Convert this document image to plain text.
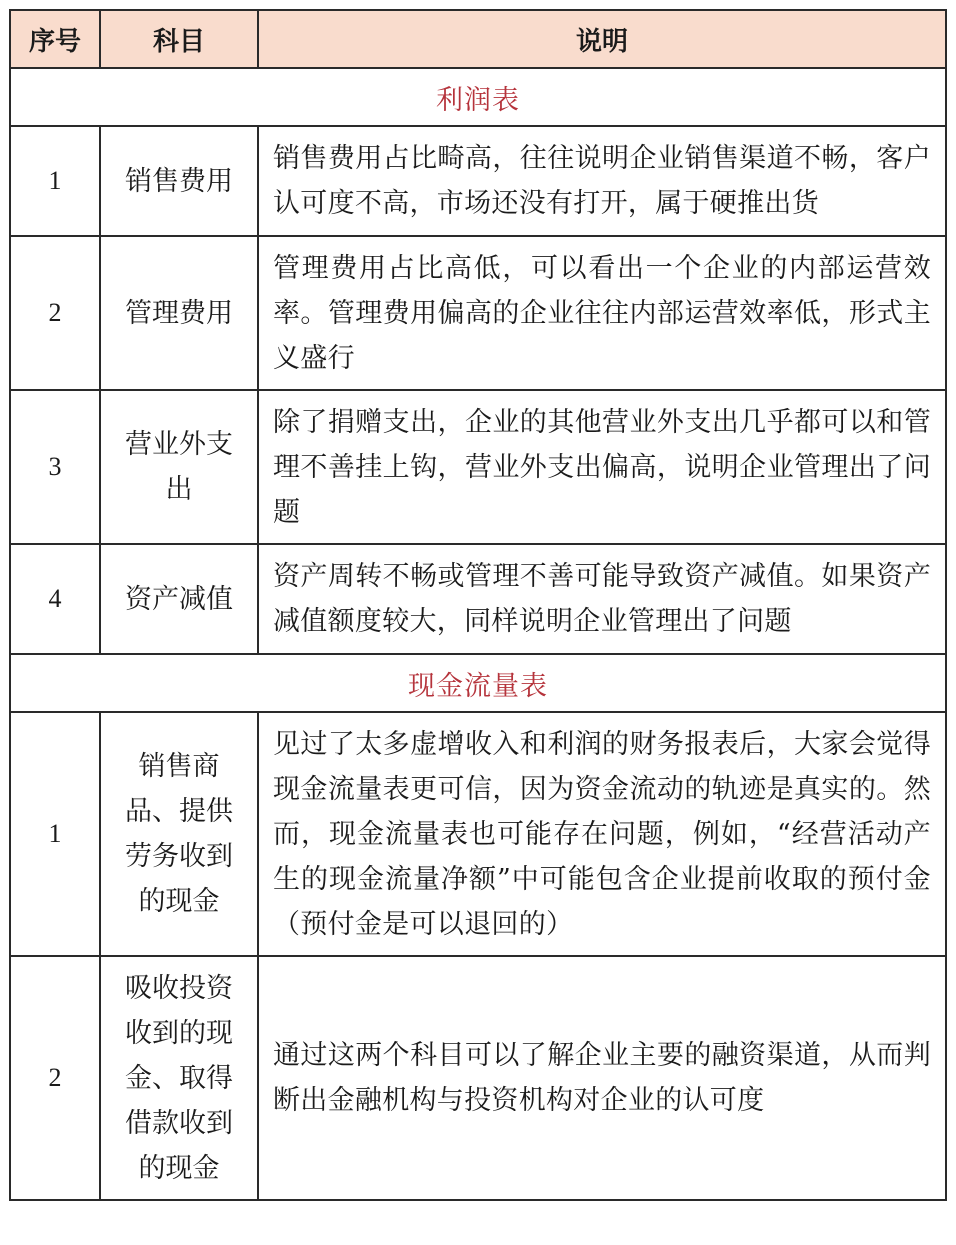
序号	科目	说明
利润表		
1	销售费用	销售费用占比畸高，往往说明企业销售渠道不畅，客户认可度不高，市场还没有打开，属于硬推出货
2	管理费用	管理费用占比高低，可以看出一个企业的内部运营效率。管理费用偏高的企业往往内部运营效率低，形式主义盛行
3	营业外支出	除了捐赠支出，企业的其他营业外支出几乎都可以和管理不善挂上钩，营业外支出偏高，说明企业管理出了问题
4	资产减值	资产周转不畅或管理不善可能导致资产减值。如果资产减值额度较大，同样说明企业管理出了问题
现金流量表		
1	销售商品、提供劳务收到的现金	见过了太多虚增收入和利润的财务报表后，大家会觉得现金流量表更可信，因为资金流动的轨迹是真实的。然而，现金流量表也可能存在问题，例如，“经营活动产生的现金流量净额”中可能包含企业提前收取的预付金（预付金是可以退回的）
2	吸收投资收到的现金、取得借款收到的现金	通过这两个科目可以了解企业主要的融资渠道，从而判断出金融机构与投资机构对企业的认可度
